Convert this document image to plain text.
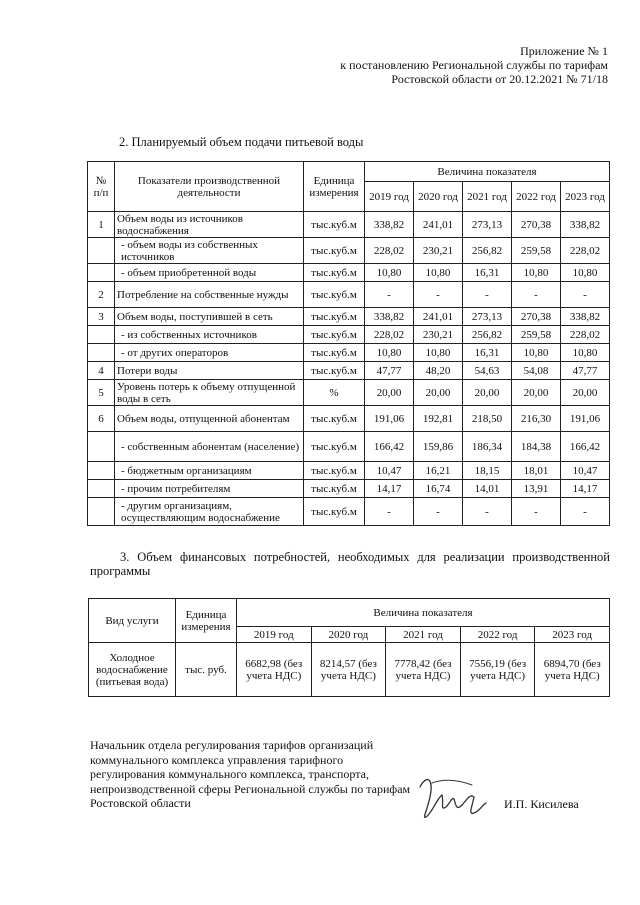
Приложение № 1
к постановлению Региональной службы по тарифам
Ростовской области от 20.12.2021 № 71/18
2. Планируемый объем подачи питьевой воды
№ п/п	Показатели производственной деятельности	Единица измерения	Величина показателя				
			2019 год	2020 год	2021 год	2022 год	2023 год
1	Объем воды из источников водоснабжения	тыс.куб.м	338,82	241,01	273,13	270,38	338,82
	- объем воды из собственных источников	тыс.куб.м	228,02	230,21	256,82	259,58	228,02
	- объем приобретенной воды	тыс.куб.м	10,80	10,80	16,31	10,80	10,80
2	Потребление на собственные нужды	тыс.куб.м	-	-	-	-	-
3	Объем воды, поступившей в сеть	тыс.куб.м	338,82	241,01	273,13	270,38	338,82
	- из собственных источников	тыс.куб.м	228,02	230,21	256,82	259,58	228,02
	- от других операторов	тыс.куб.м	10,80	10,80	16,31	10,80	10,80
4	Потери воды	тыс.куб.м	47,77	48,20	54,63	54,08	47,77
5	Уровень потерь к объему отпущенной воды в сеть	%	20,00	20,00	20,00	20,00	20,00
6	Объем воды, отпущенной абонентам	тыс.куб.м	191,06	192,81	218,50	216,30	191,06
	- собственным абонентам (население)	тыс.куб.м	166,42	159,86	186,34	184,38	166,42
	- бюджетным организациям	тыс.куб.м	10,47	16,21	18,15	18,01	10,47
	- прочим потребителям	тыс.куб.м	14,17	16,74	14,01	13,91	14,17
	- другим организациям, осуществляющим водоснабжение	тыс.куб.м	-	-	-	-	-
3. Объем финансовых потребностей, необходимых для реализации производственной программы
Вид услуги	Единица измерения	Величина показателя				
		2019 год	2020 год	2021 год	2022 год	2023 год
Холодное водоснабжение (питьевая вода)	тыс. руб.	6682,98 (без учета НДС)	8214,57 (без учета НДС)	7778,42 (без учета НДС)	7556,19 (без учета НДС)	6894,70 (без учета НДС)
Начальник отдела регулирования тарифов организаций коммунального комплекса управления тарифного регулирования коммунального комплекса, транспорта, непроизводственной сферы Региональной службы по тарифам Ростовской области	И.П. Кисилева
